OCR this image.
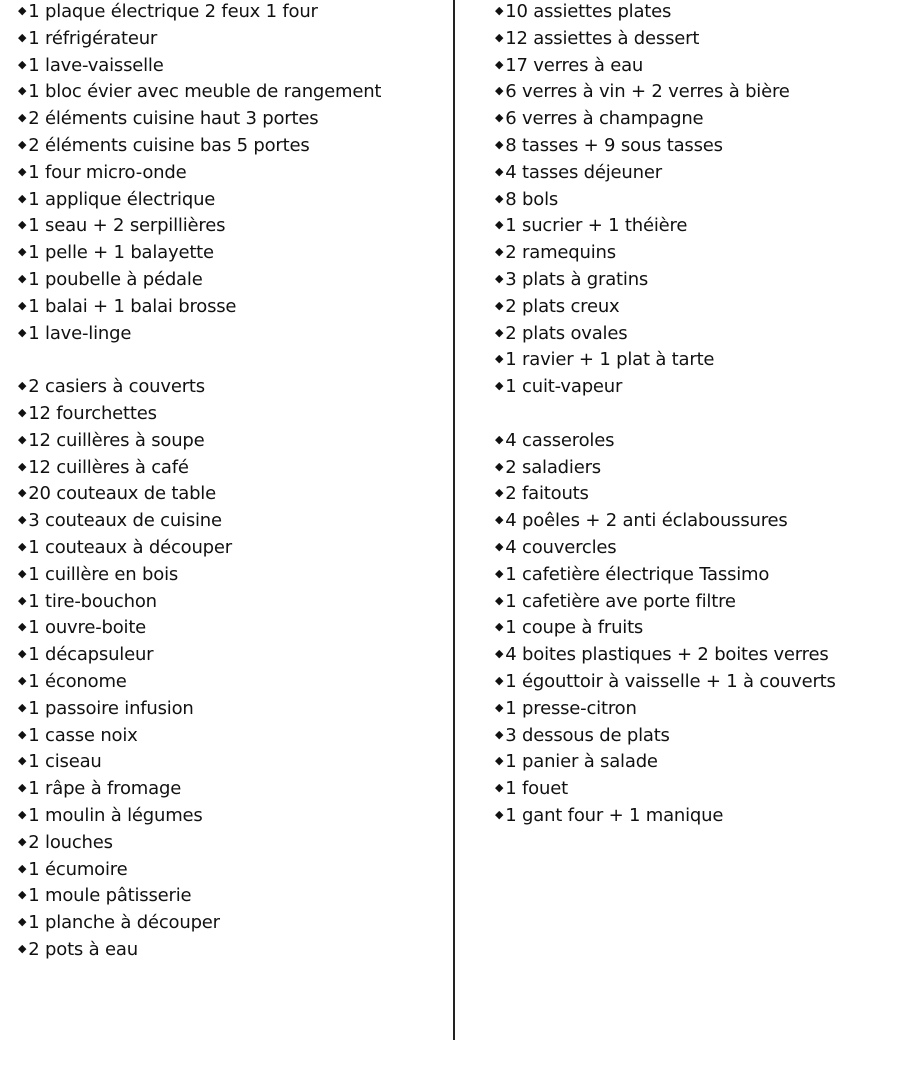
◆ 1 plaque électrique 2 feux 1 four
◆ 1 réfrigérateur
◆ 1 lave-vaisselle
◆ 1 bloc évier avec meuble de rangement
◆ 2 éléments cuisine haut 3 portes
◆ 2 éléments cuisine bas 5 portes
◆ 1 four micro-onde
◆ 1 applique électrique
◆ 1 seau + 2 serpillières
◆ 1 pelle + 1 balayette
◆ 1 poubelle à pédale
◆ 1 balai + 1 balai brosse
◆ 1 lave-linge
◆ 2 casiers à couverts
◆ 12 fourchettes
◆ 12 cuillères à soupe
◆ 12 cuillères à café
◆ 20 couteaux de table
◆ 3 couteaux de cuisine
◆ 1 couteaux à découper
◆ 1 cuillère en bois
◆ 1 tire-bouchon
◆ 1 ouvre-boite
◆ 1 décapsuleur
◆ 1 économe
◆ 1 passoire infusion
◆ 1 casse noix
◆ 1 ciseau
◆ 1 râpe à fromage
◆ 1 moulin à légumes
◆ 2 louches
◆ 1 écumoire
◆ 1 moule pâtisserie
◆ 1 planche à découper
◆ 2 pots à eau
◆ 10 assiettes plates
◆ 12 assiettes à dessert
◆ 17 verres à eau
◆ 6 verres à vin + 2 verres à bière
◆ 6 verres à champagne
◆ 8 tasses + 9 sous tasses
◆ 4 tasses déjeuner
◆ 8 bols
◆ 1 sucrier + 1 théière
◆ 2 ramequins
◆ 3 plats à gratins
◆ 2 plats creux
◆ 2 plats ovales
◆ 1 ravier + 1 plat à tarte
◆ 1 cuit-vapeur
◆ 4 casseroles
◆ 2 saladiers
◆ 2 faitouts
◆ 4 poêles + 2 anti éclaboussures
◆ 4 couvercles
◆ 1 cafetière électrique Tassimo
◆ 1 cafetière ave porte filtre
◆ 1 coupe à fruits
◆ 4 boites plastiques + 2 boites verres
◆ 1 égouttoir à vaisselle + 1 à couverts
◆ 1 presse-citron
◆ 3 dessous de plats
◆ 1 panier à salade
◆ 1 fouet
◆ 1 gant four + 1 manique
